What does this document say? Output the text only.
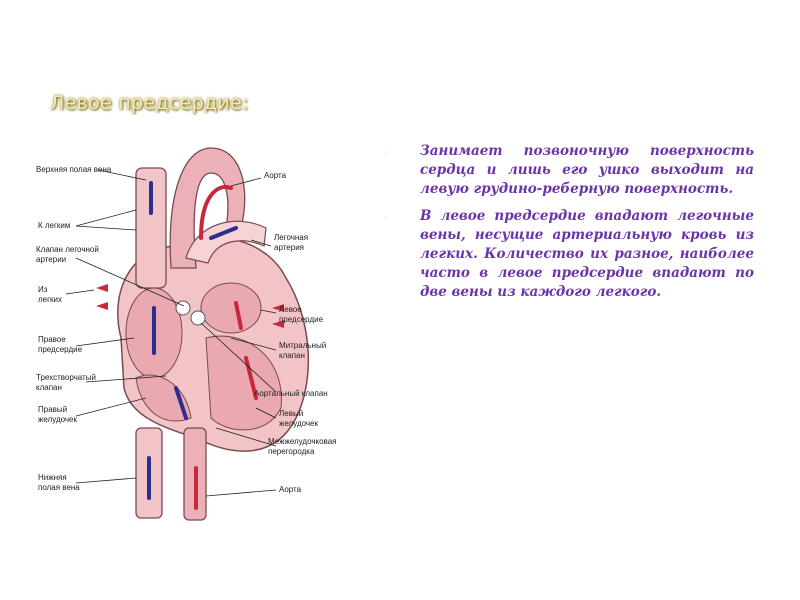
Левое предсердие:
Верхняя полая вена
Аорта
К легким
Клапан легочной
артерии
Легочная
артерия
Из
легких
Левое
предсердие
Правое
предсердие	Митральный
клапан
Трехстворчатый
клапан
Аортальный клапан
Правый
желудочек
Левый
желудочек
Межжелудочковая
перегородка
Нижняя
полая вена	Аорта
◦ Занимает позвоночную поверхность сердца и лишь его ушко выходит на левую грудино-реберную поверхность.
◦ В левое предсердие впадают легочные вены, несущие артериальную кровь из легких. Количество их разное, наиболее часто в левое предсердие впадают по две вены из каждого легкого.
